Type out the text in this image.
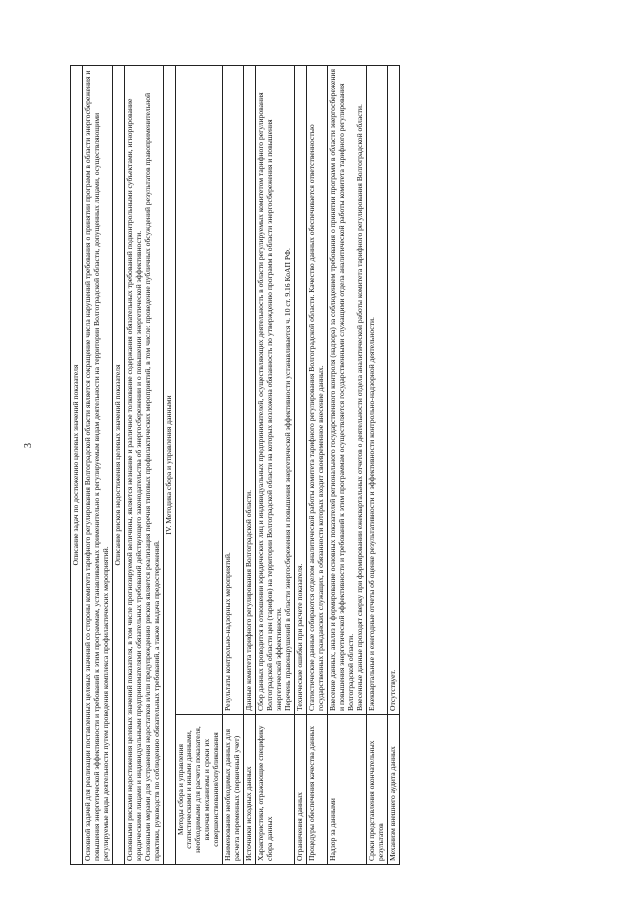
3	Описание задач по достижению целевых значений показателя	
Основной задачей для реализации поставленных целевых значений со стороны комитета тарифного регулирования Волгоградской области является сокращение числа нарушений требования о принятии программ в области энергосбережения и повышения энергетической эффективности и требований к этим программам, устанавливаемых применительно к регулируемым видам деятельности на территории Волгоградской области, допущенных лицами, осуществляющими регулируемые виды деятельности путем проведения комплекса профилактических мероприятий.	
Описание рисков недостижения целевых значений показателя	

Основными рисками недостижения целевых значений показателя, в том числе прогнозируемой величины, является незнание и различное толкование содержания обязательных требований подконтрольными субъектами, игнорирование юридическими лицами и индивидуальными предпринимателями обязательных требований действующего законодательства об энергосбережении и о повышении энергетической эффективности. Основными мерами для устранения недостатков и/или предупреждению рисков является реализация перечня типовых профилактических мероприятий, в том числе: проведение публичных обсуждений результатов правоприменительной практики, руководств по соблюдению обязательных требований, а также выдача предостережений.	

IV. Методика сбора и управления данными	
Методы сбора и управления статистическими и иными данными, необходимыми для расчета показателя, включая механизмы и сроки их совершенствования/опубликования	
Наименование необходимых данных для расчета переменных (первичный учет)	Результаты контрольно-надзорных мероприятий.
Источники исходных данных	Данные комитета тарифного регулирования Волгоградской области.
Характеристики, отражающие специфику сбора данных	Сбор данных проводится в отношении юридических лиц и индивидуальных предпринимателей, осуществляющих деятельность в области регулируемых комитетом тарифного регулирования Волгоградской области цен (тарифов) на территории Волгоградской области на которых возложена обязанность по утверждению программ в области энергосбережения и повышения энергетической эффективности.
Перечень правонарушений в области энергосбережения и повышения энергетической эффективности устанавливается ч. 10 ст. 9.16 КоАП РФ.
Ограничения данных	Технические ошибки при расчете показателя.
Процедуры обеспечения качества данных	Статистические данные собираются отделом аналитической работы комитета тарифного регулирования Волгоградской области. Качество данных обеспечивается ответственностью государственных гражданских служащих, в обязанности которых входит своевременное внесение данных.
Надзор за данными	Внесение данных, анализ и формирование основных показателей регионального государственного контроля (надзора) за соблюдением требования о принятии программ в области энергосбережения и повышения энергетической эффективности и требований к этим программам осуществляется государственными служащими отдела аналитической работы комитета тарифного регулирования Волгоградской области.
Внесенные данные проходят сверку при формировании ежеквартальных отчетов о деятельности отдела аналитической работы комитета тарифного регулирования Волгоградской области.
Сроки представления окончательных результатов	Ежеквартальные и ежегодные отчеты об оценке результативности и эффективности контрольно-надзорной деятельности.
Механизм внешнего аудита данных	Отсутствует.
